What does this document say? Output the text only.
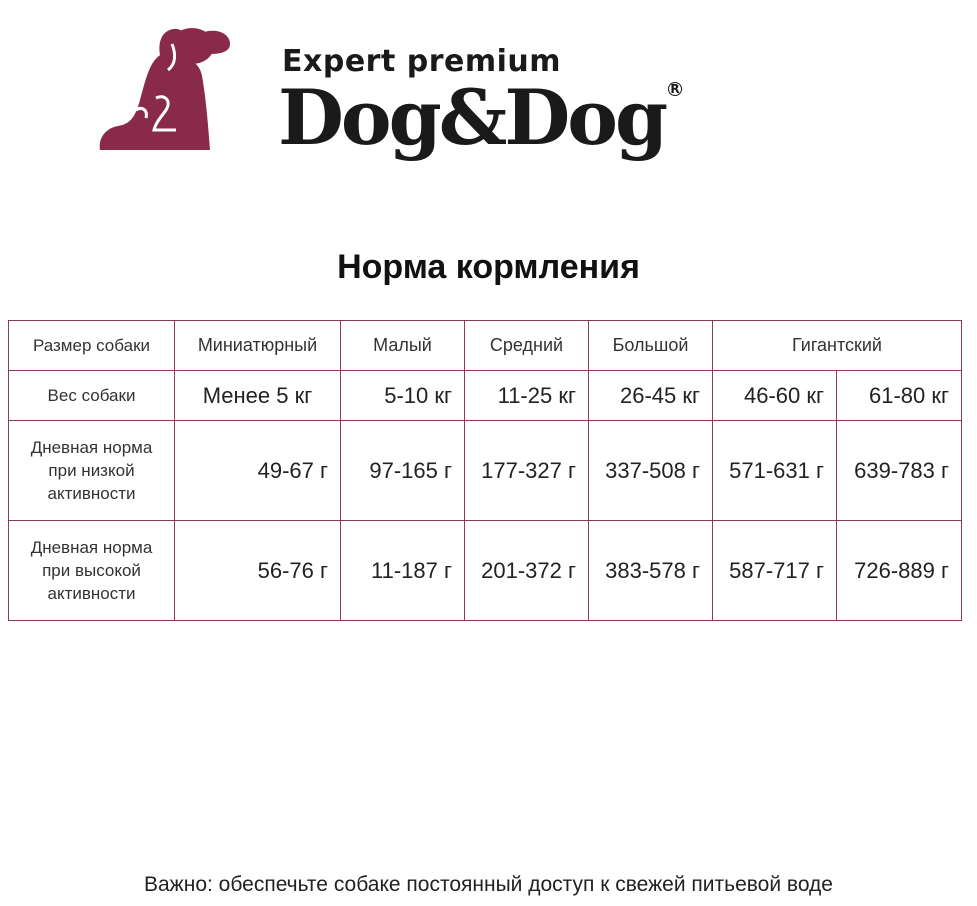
Expert premium
Dog&Dog R
Норма кормления
Размер собаки	Миниатюрный	Малый	Средний	Большой	Гигантский	
Вес собаки	Менее 5 кг	5-10 кг	11-25 кг	26-45 кг	46-60 кг	61-80 кг

Дневная норма
при низкой
активности	49-67 г	97-165 г	177-327 г	337-508 г	571-631 г	639-783 г

Дневная норма
при высокой
активности	56-76 г	11-187 г	201-372 г	383-578 г	587-717 г	726-889 г
Важно: обеспечьте собаке постоянный доступ к свежей питьевой воде
